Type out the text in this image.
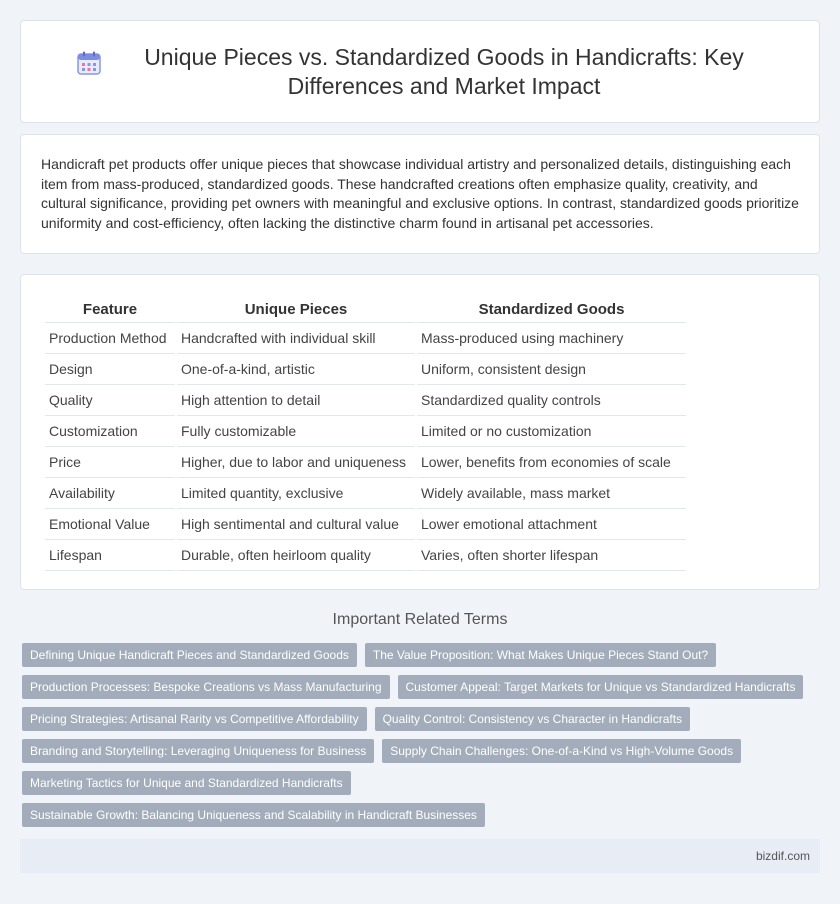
Unique Pieces vs. Standardized Goods in Handicrafts: Key Differences and Market Impact

Handicraft pet products offer unique pieces that showcase individual artistry and personalized details, distinguishing each item from mass-produced, standardized goods. These handcrafted creations often emphasize quality, creativity, and cultural significance, providing pet owners with meaningful and exclusive options. In contrast, standardized goods prioritize uniformity and cost-efficiency, often lacking the distinctive charm found in artisanal pet accessories.

Feature	Unique Pieces	Standardized Goods
Production Method	Handcrafted with individual skill	Mass-produced using machinery
Design	One-of-a-kind, artistic	Uniform, consistent design
Quality	High attention to detail	Standardized quality controls
Customization	Fully customizable	Limited or no customization
Price	Higher, due to labor and uniqueness	Lower, benefits from economies of scale
Availability	Limited quantity, exclusive	Widely available, mass market
Emotional Value	High sentimental and cultural value	Lower emotional attachment
Lifespan	Durable, often heirloom quality	Varies, often shorter lifespan
Important Related Terms
Defining Unique Handicraft Pieces and Standardized Goods	The Value Proposition: What Makes Unique Pieces Stand Out?
Production Processes: Bespoke Creations vs Mass Manufacturing	Customer Appeal: Target Markets for Unique vs Standardized Handicrafts
Pricing Strategies: Artisanal Rarity vs Competitive Affordability	Quality Control: Consistency vs Character in Handicrafts
Branding and Storytelling: Leveraging Uniqueness for Business	Supply Chain Challenges: One-of-a-Kind vs High-Volume Goods
Marketing Tactics for Unique and Standardized Handicrafts
Sustainable Growth: Balancing Uniqueness and Scalability in Handicraft Businesses
bizdif.com
